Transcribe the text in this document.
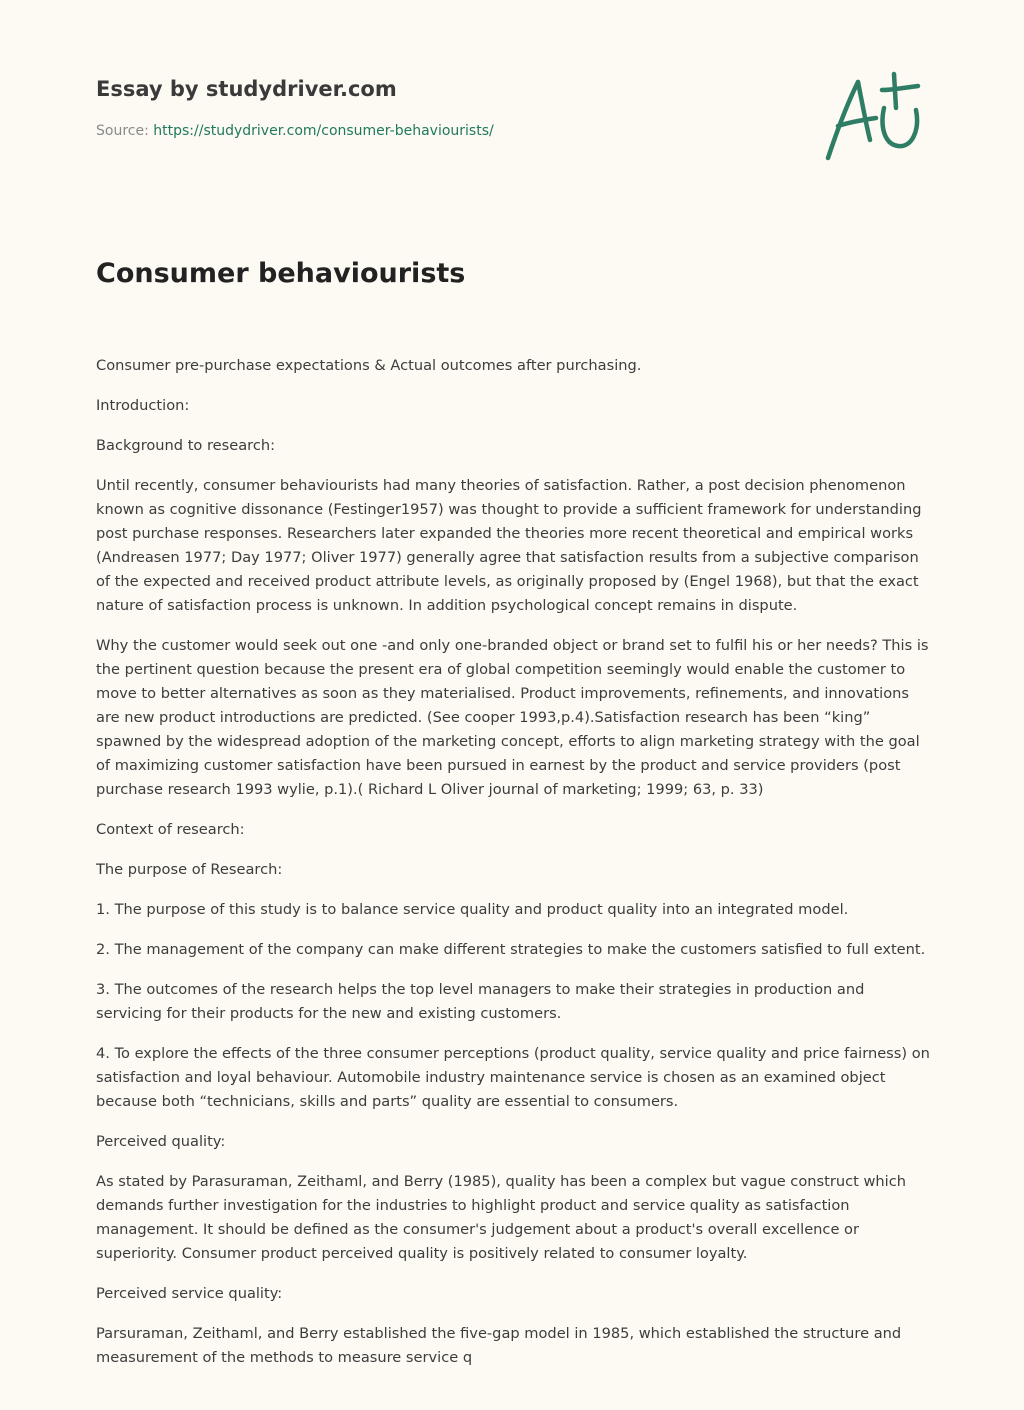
Essay by studydriver.com
Source: https://studydriver.com/consumer-behaviourists/
Consumer behaviourists

Consumer pre-purchase expectations & Actual outcomes after purchasing.

Introduction:

Background to research:

Until recently, consumer behaviourists had many theories of satisfaction. Rather, a post decision phenomenon known as cognitive dissonance (Festinger1957) was thought to provide a sufficient framework for understanding post purchase responses. Researchers later expanded the theories more recent theoretical and empirical works (Andreasen 1977; Day 1977; Oliver 1977) generally agree that satisfaction results from a subjective comparison of the expected and received product attribute levels, as originally proposed by (Engel 1968), but that the exact nature of satisfaction process is unknown. In addition psychological concept remains in dispute.

Why the customer would seek out one -and only one-branded object or brand set to fulfil his or her needs? This is the pertinent question because the present era of global competition seemingly would enable the customer to move to better alternatives as soon as they materialised. Product improvements, refinements, and innovations are new product introductions are predicted. (See cooper 1993,p.4).Satisfaction research has been “king” spawned by the widespread adoption of the marketing concept, efforts to align marketing strategy with the goal of maximizing customer satisfaction have been pursued in earnest by the product and service providers (post purchase research 1993 wylie, p.1).( Richard L Oliver journal of marketing; 1999; 63, p. 33)

Context of research:

The purpose of Research:

1. The purpose of this study is to balance service quality and product quality into an integrated model.

2. The management of the company can make different strategies to make the customers satisfied to full extent.

3. The outcomes of the research helps the top level managers to make their strategies in production and servicing for their products for the new and existing customers.

4. To explore the effects of the three consumer perceptions (product quality, service quality and price fairness) on satisfaction and loyal behaviour. Automobile industry maintenance service is chosen as an examined object because both “technicians, skills and parts” quality are essential to consumers.

Perceived quality:

As stated by Parasuraman, Zeithaml, and Berry (1985), quality has been a complex but vague construct which demands further investigation for the industries to highlight product and service quality as satisfaction management. It should be defined as the consumer's judgement about a product's overall excellence or superiority. Consumer product perceived quality is positively related to consumer loyalty.

Perceived service quality:

Parsuraman, Zeithaml, and Berry established the five-gap model in 1985, which established the structure and measurement of the methods to measure service q
